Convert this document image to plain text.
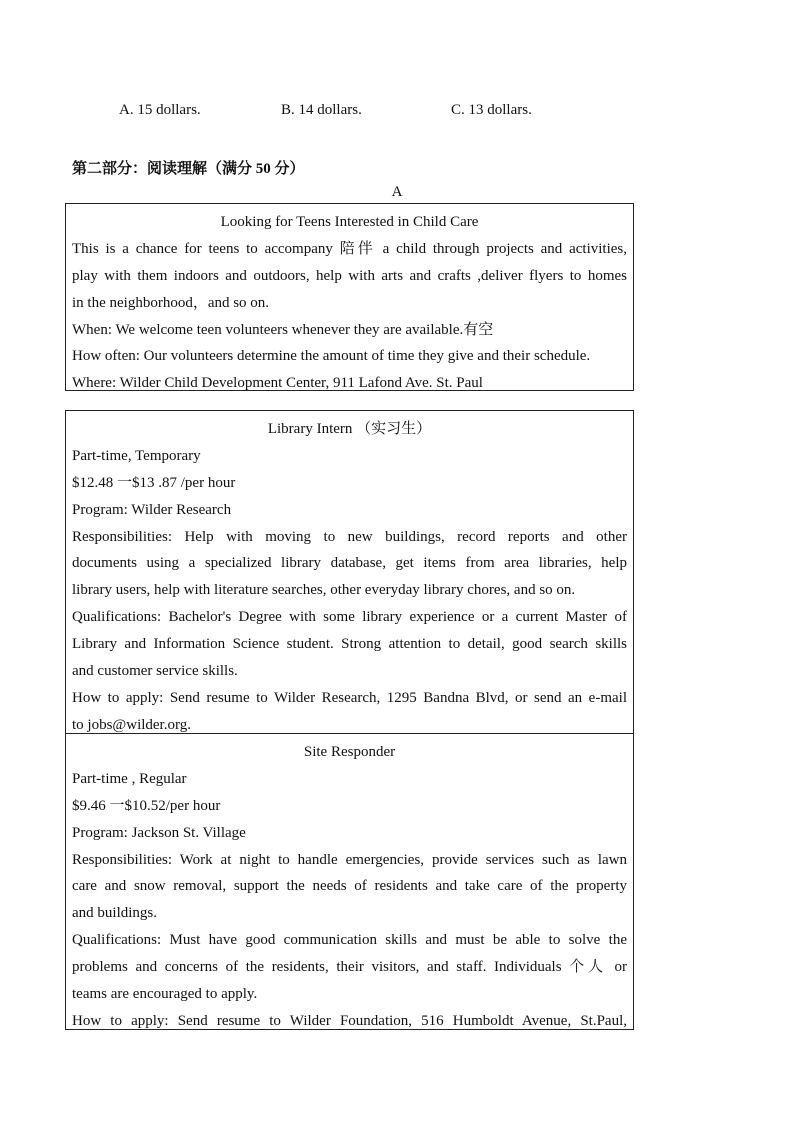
A. 15 dollars.	B. 14 dollars.	C. 13 dollars.
第二部分：阅读理解（满分 50 分）
A
Looking for Teens Interested in Child Care
This is a chance for teens to accompany 陪伴 a child through projects and activities,
play with them indoors and outdoors, help with arts and crafts ,deliver flyers to homes
in the neighborhood，and so on.
When: We welcome teen volunteers whenever they are available.有空
How often: Our volunteers determine the amount of time they give and their schedule.
Where: Wilder Child Development Center, 911 Lafond Ave. St. Paul
Library Intern （实习生）
Part-time, Temporary
$12.48 一$13 .87 /per hour
Program: Wilder Research
Responsibilities: Help with moving to new buildings, record reports and other
documents using a specialized library database, get items from area libraries, help
library users, help with literature searches, other everyday library chores, and so on.
Qualifications: Bachelor's Degree with some library experience or a current Master of
Library and Information Science student. Strong attention to detail, good search skills
and customer service skills.
How to apply: Send resume to Wilder Research, 1295 Bandna Blvd, or send an e-mail
to jobs@wilder.org.
Site Responder
Part-time , Regular
$9.46 一$10.52/per hour
Program: Jackson St. Village
Responsibilities: Work at night to handle emergencies, provide services such as lawn
care and snow removal, support the needs of residents and take care of the property
and buildings.
Qualifications: Must have good communication skills and must be able to solve the
problems and concerns of the residents, their visitors, and staff. Individuals 个人 or
teams are encouraged to apply.
How to apply: Send resume to Wilder Foundation, 516 Humboldt Avenue, St.Paul,
